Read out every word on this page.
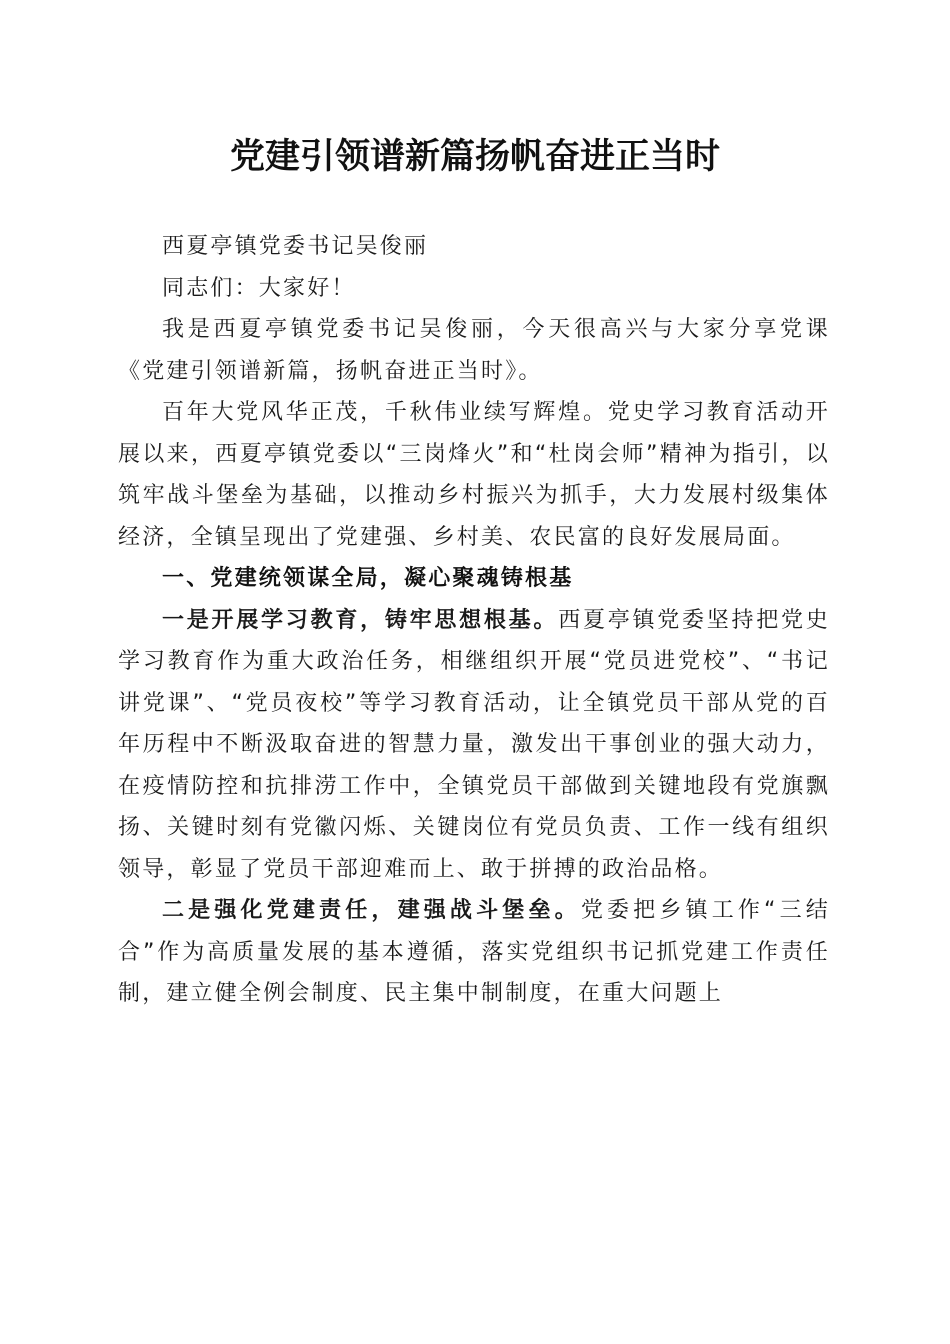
党建引领谱新篇扬帆奋进正当时

西夏亭镇党委书记吴俊丽

同志们：大家好！

我是西夏亭镇党委书记吴俊丽，今天很高兴与大家分享党课《党建引领谱新篇，扬帆奋进正当时》。

百年大党风华正茂，千秋伟业续写辉煌。党史学习教育活动开展以来，西夏亭镇党委以“三岗烽火”和“杜岗会师”精神为指引，以筑牢战斗堡垒为基础，以推动乡村振兴为抓手，大力发展村级集体经济，全镇呈现出了党建强、乡村美、农民富的良好发展局面。

一、党建统领谋全局，凝心聚魂铸根基

一是开展学习教育，铸牢思想根基。西夏亭镇党委坚持把党史学习教育作为重大政治任务，相继组织开展“党员进党校”、“书记讲党课”、“党员夜校”等学习教育活动，让全镇党员干部从党的百年历程中不断汲取奋进的智慧力量，激发出干事创业的强大动力，在疫情防控和抗排涝工作中，全镇党员干部做到关键地段有党旗飘扬、关键时刻有党徽闪烁、关键岗位有党员负责、工作一线有组织领导，彰显了党员干部迎难而上、敢于拼搏的政治品格。

二是强化党建责任，建强战斗堡垒。党委把乡镇工作“三结合”作为高质量发展的基本遵循，落实党组织书记抓党建工作责任制，建立健全例会制度、民主集中制制度，在重大问题上
